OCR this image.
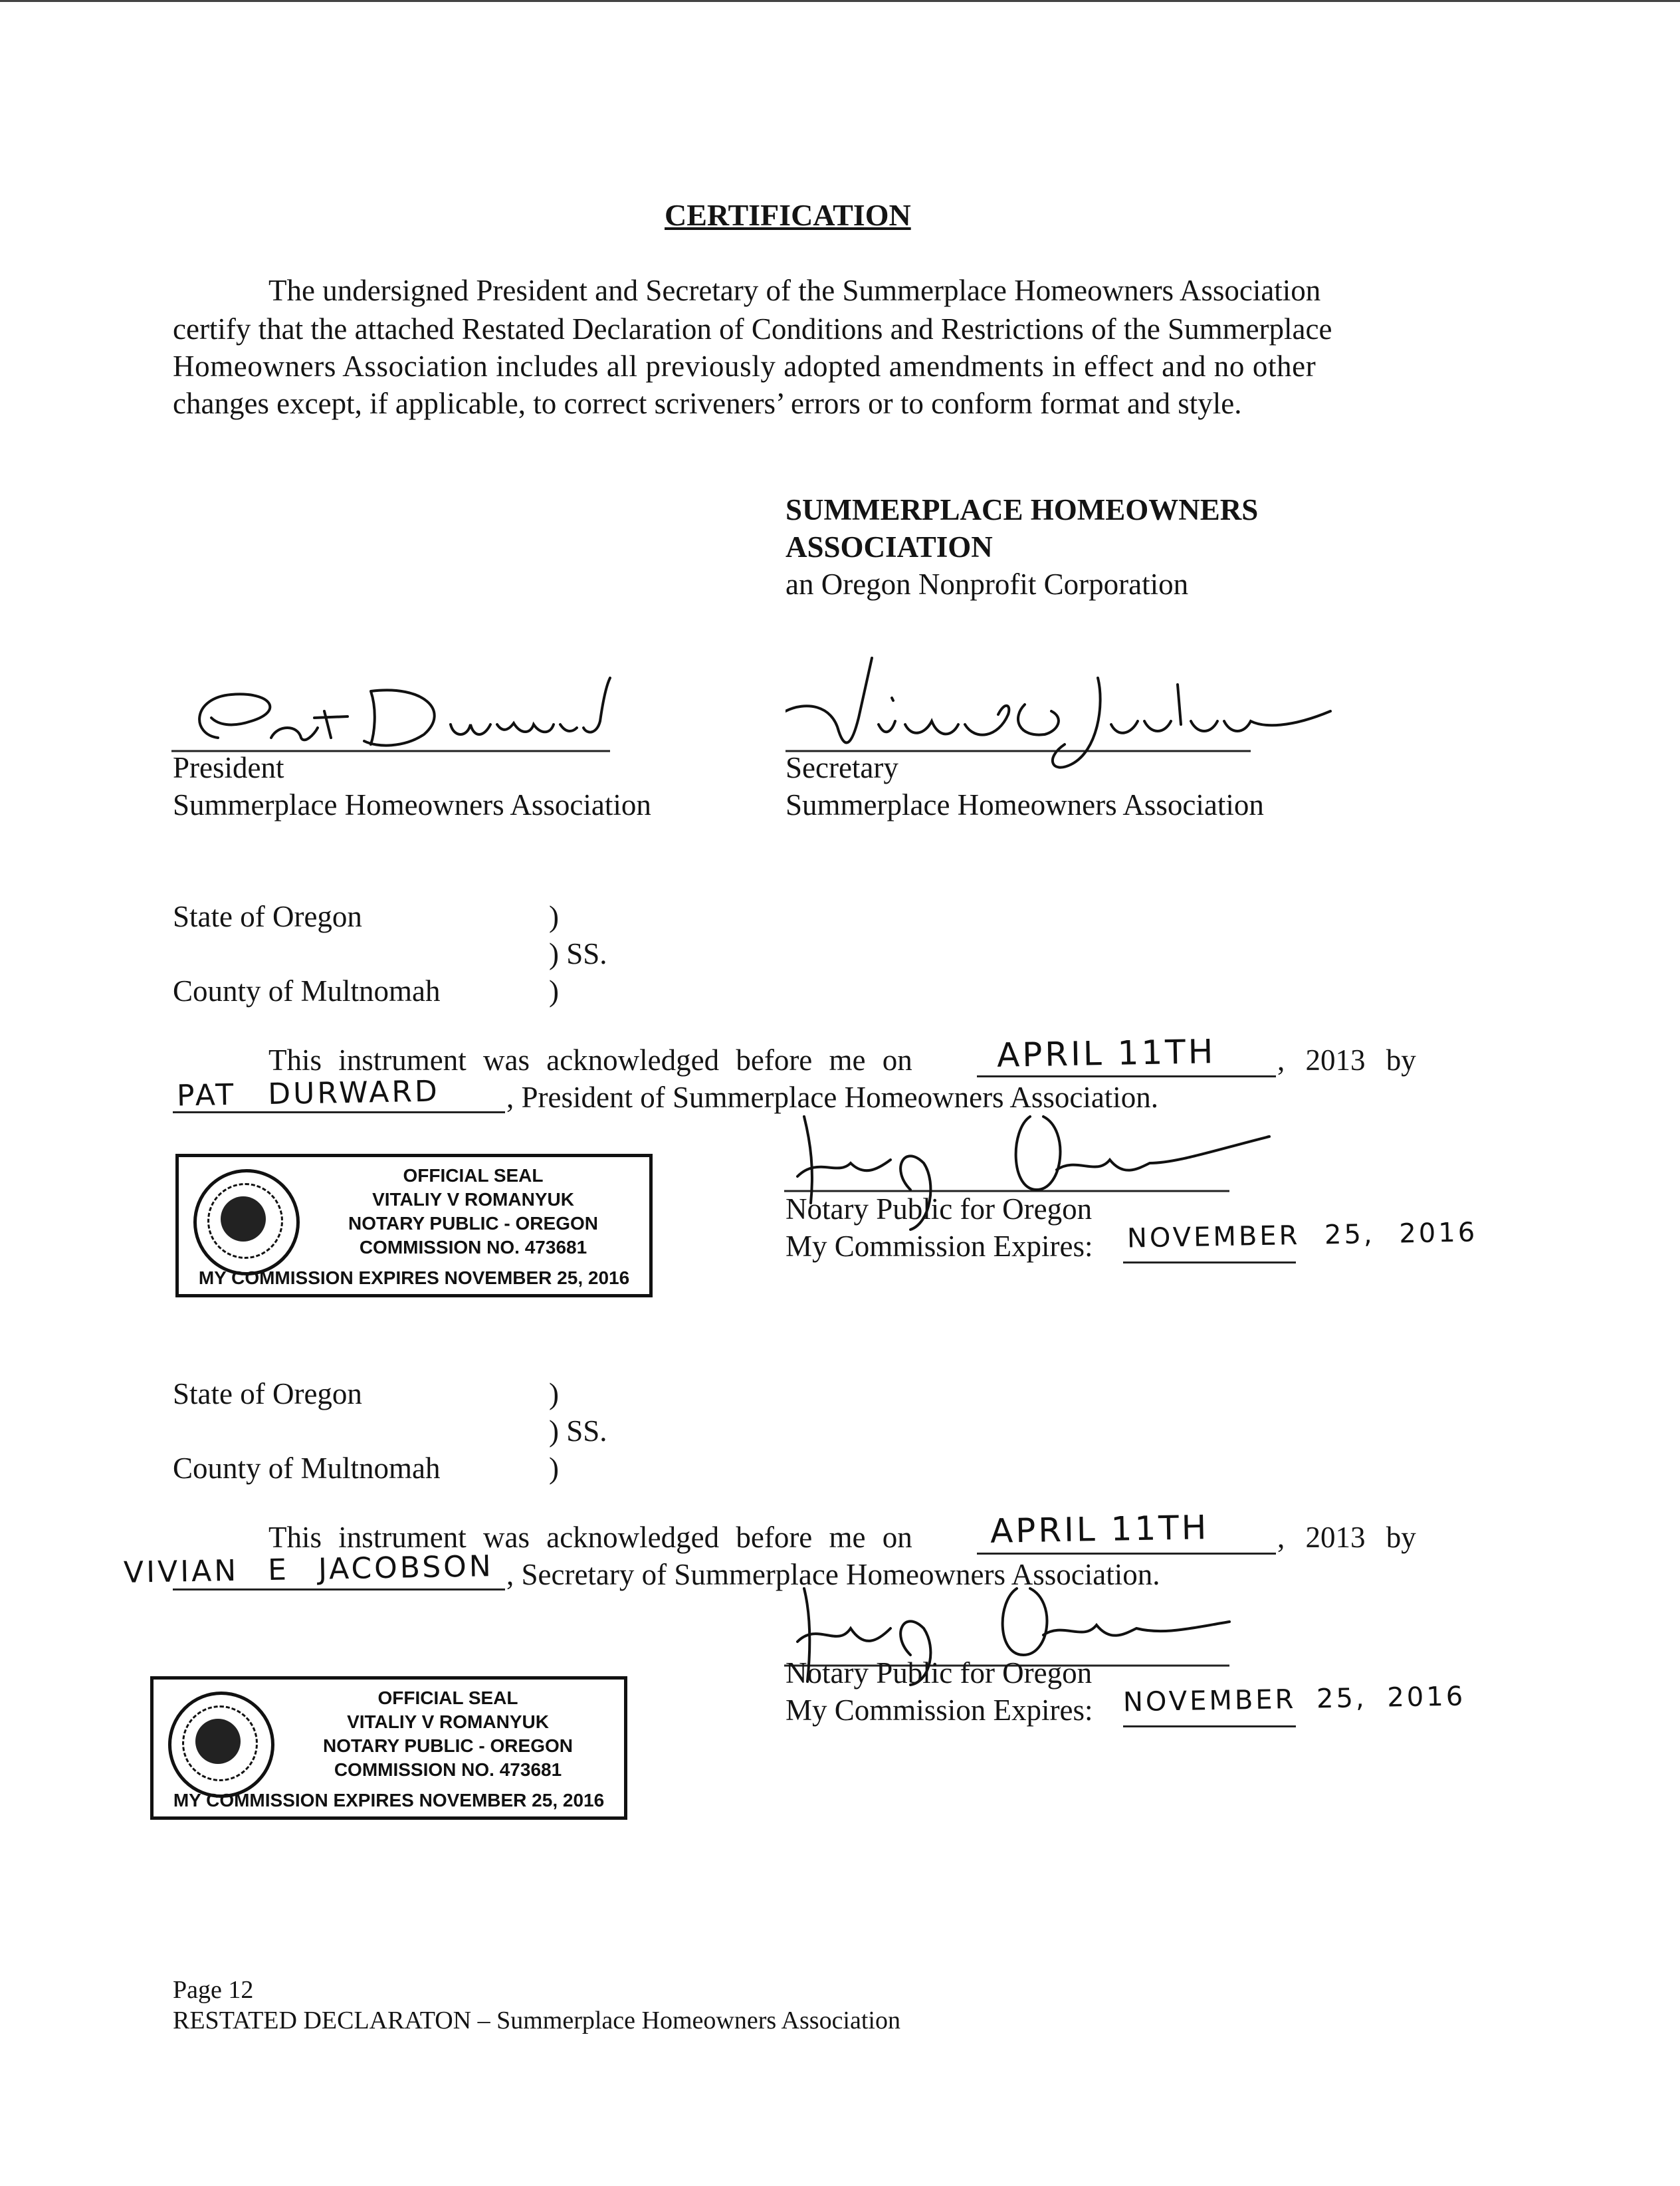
CERTIFICATION
The undersigned President and Secretary of the Summerplace Homeowners Association
certify that the attached Restated Declaration of Conditions and Restrictions of the Summerplace
Homeowners Association includes all previously adopted amendments in effect and no other
changes except, if applicable, to correct scriveners’ errors or to conform format and style.
SUMMERPLACE HOMEOWNERS
ASSOCIATION
an Oregon Nonprofit Corporation
President
Summerplace Homeowners Association
Secretary
Summerplace Homeowners Association
State of Oregon	)
) SS.
County of Multnomah	)
This instrument was acknowledged before me on	APRIL 11TH , 2013 by
PAT DURWARD , President of Summerplace Homeowners Association.
OFFICIAL SEAL
VITALIY V ROMANYUK
NOTARY PUBLIC - OREGON
COMMISSION NO. 473681
MY COMMISSION EXPIRES NOVEMBER 25, 2016
Notary Public for Oregon
My Commission Expires: NOVEMBER 25, 2016
State of Oregon	)
) SS.
County of Multnomah	)
This instrument was acknowledged before me on APRIL 11TH , 2013 by
VIVIAN E JACOBSON , Secretary of Summerplace Homeowners Association.
OFFICIAL SEAL
VITALIY V ROMANYUK
NOTARY PUBLIC - OREGON
COMMISSION NO. 473681
MY COMMISSION EXPIRES NOVEMBER 25, 2016
Notary Public for Oregon
My Commission Expires: NOVEMBER 25, 2016
Page 12
RESTATED DECLARATON – Summerplace Homeowners Association
